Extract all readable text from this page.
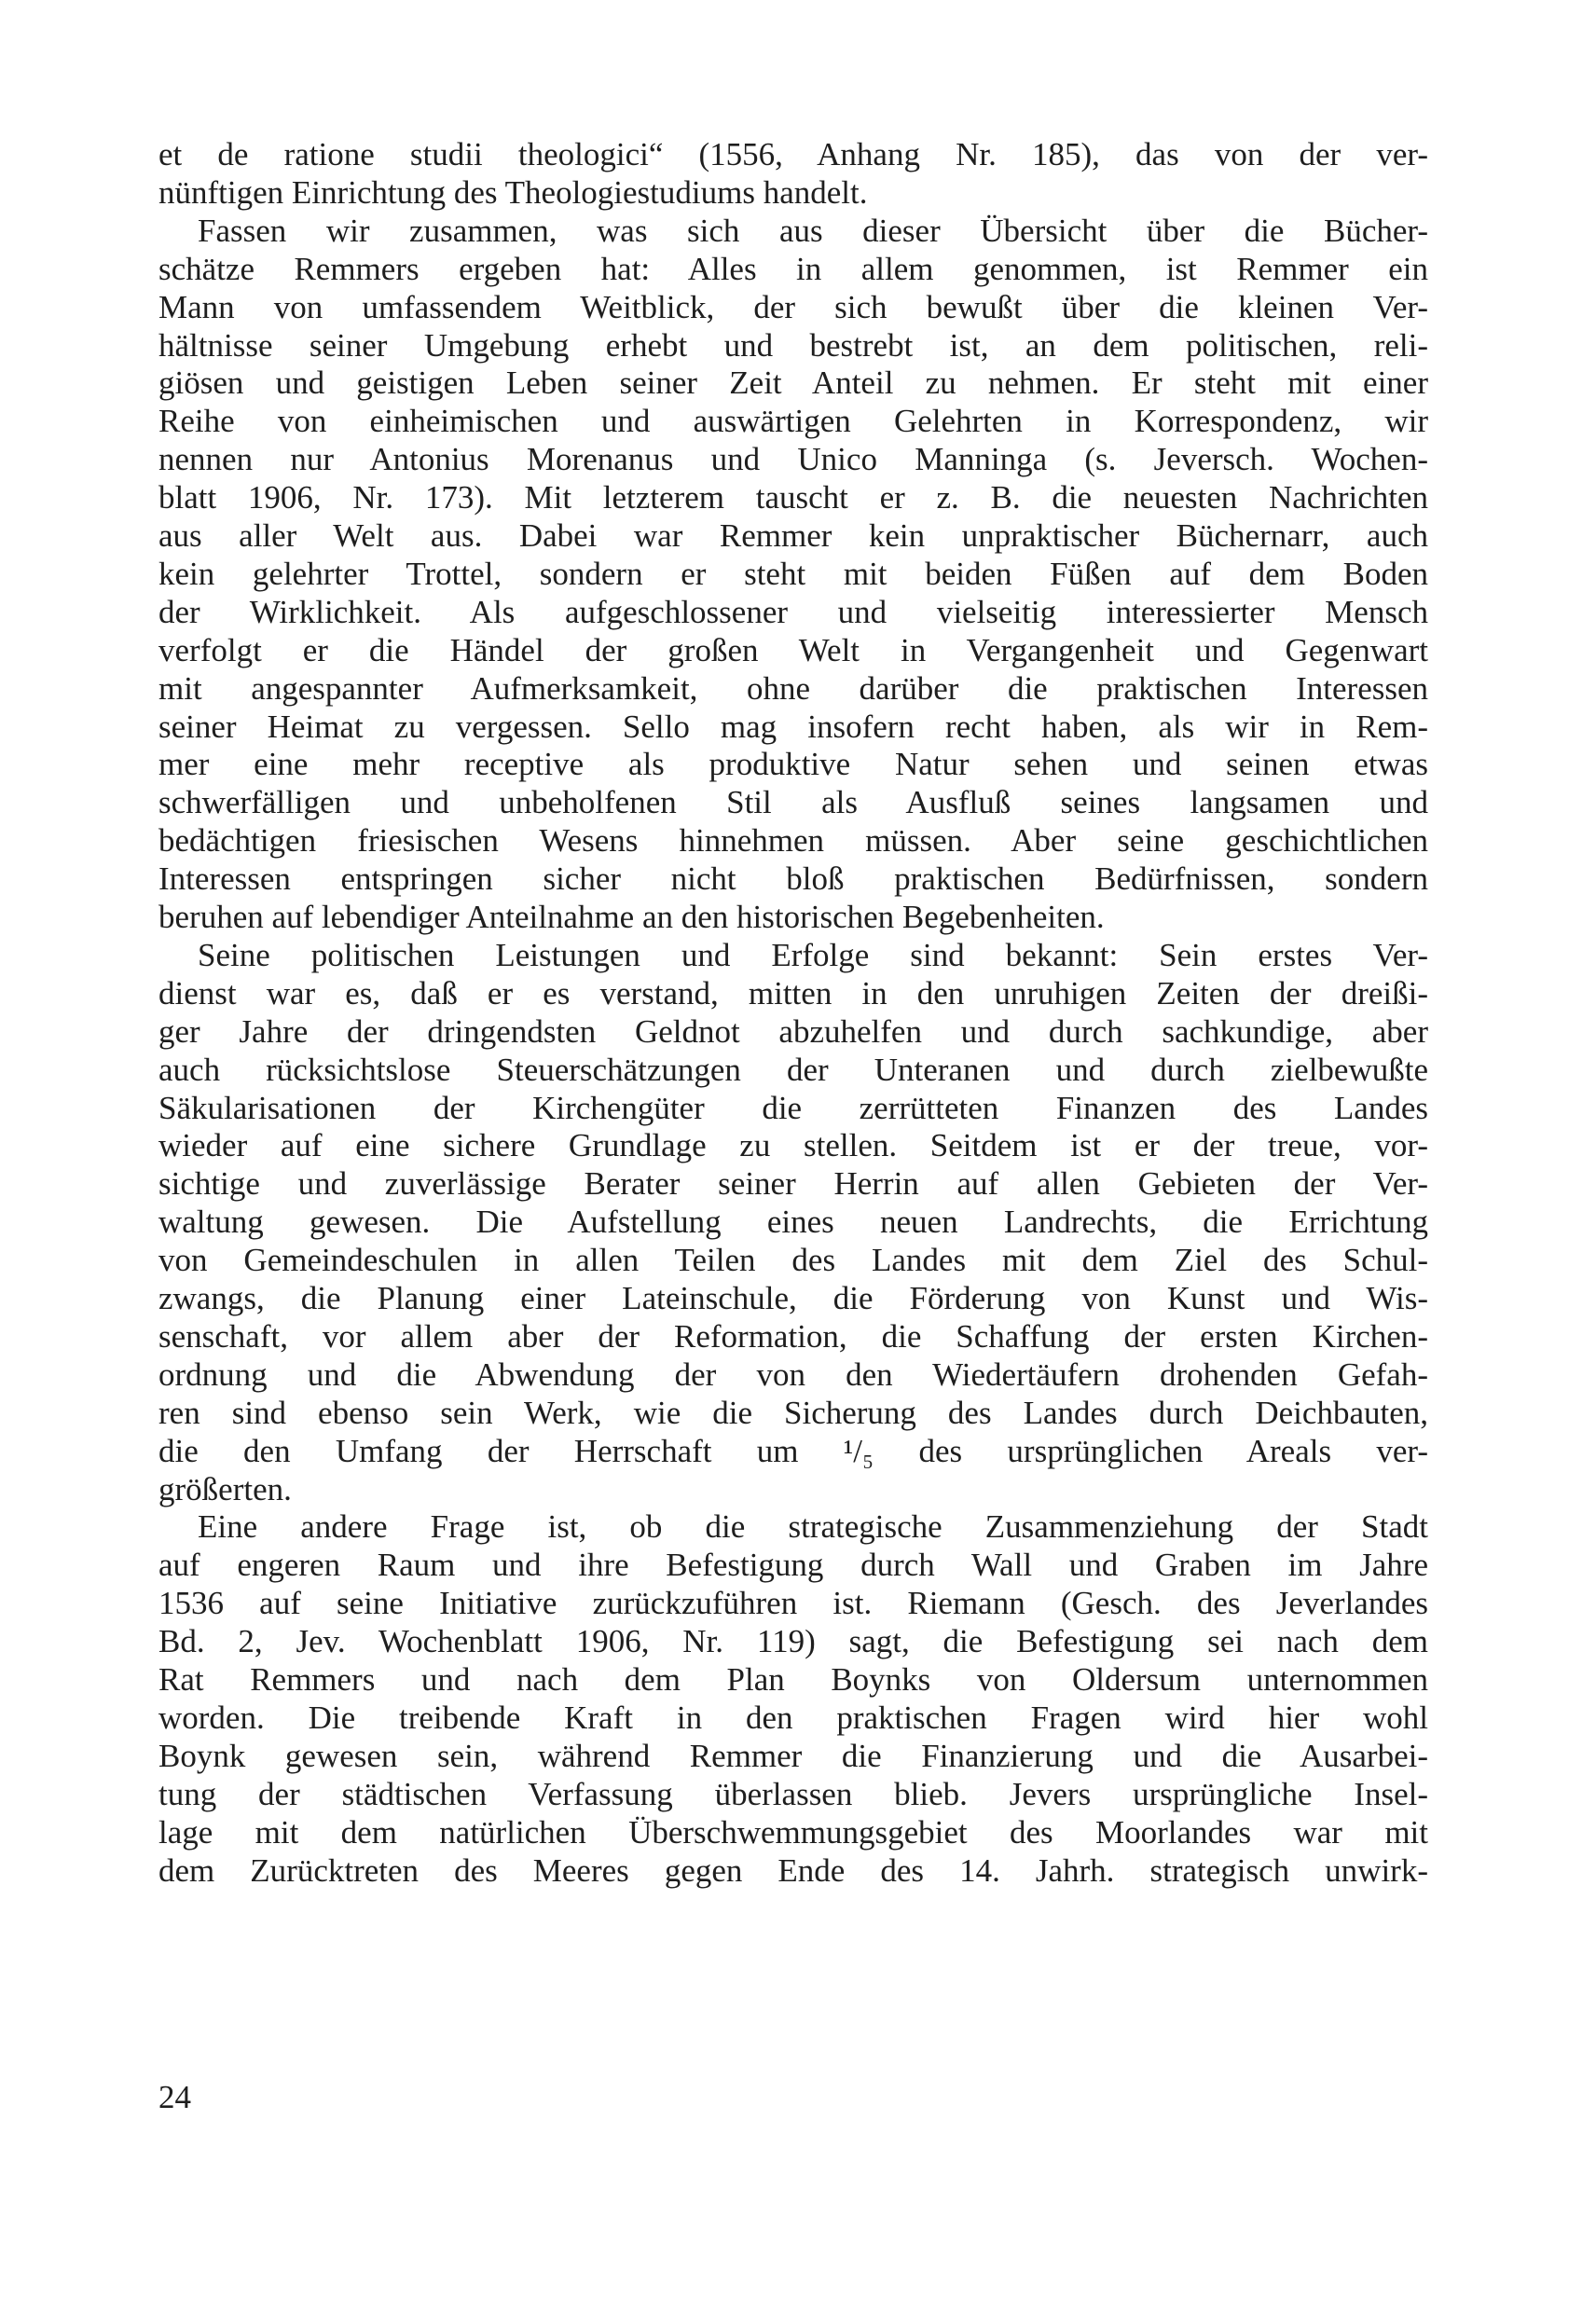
et de ratione studii theologici“ (1556, Anhang Nr. 185), das von der ver-
nünftigen Einrichtung des Theologiestudiums handelt.
Fassen wir zusammen, was sich aus dieser Übersicht über die Bücher-
schätze Remmers ergeben hat: Alles in allem genommen, ist Remmer ein
Mann von umfassendem Weitblick, der sich bewußt über die kleinen Ver-
hältnisse seiner Umgebung erhebt und bestrebt ist, an dem politischen, reli-
giösen und geistigen Leben seiner Zeit Anteil zu nehmen. Er steht mit einer
Reihe von einheimischen und auswärtigen Gelehrten in Korrespondenz, wir
nennen nur Antonius Morenanus und Unico Manninga (s. Jeversch. Wochen-
blatt 1906, Nr. 173). Mit letzterem tauscht er z. B. die neuesten Nachrichten
aus aller Welt aus. Dabei war Remmer kein unpraktischer Büchernarr, auch
kein gelehrter Trottel, sondern er steht mit beiden Füßen auf dem Boden
der Wirklichkeit. Als aufgeschlossener und vielseitig interessierter Mensch
verfolgt er die Händel der großen Welt in Vergangenheit und Gegenwart
mit angespannter Aufmerksamkeit, ohne darüber die praktischen Interessen
seiner Heimat zu vergessen. Sello mag insofern recht haben, als wir in Rem-
mer eine mehr receptive als produktive Natur sehen und seinen etwas
schwerfälligen und unbeholfenen Stil als Ausfluß seines langsamen und
bedächtigen friesischen Wesens hinnehmen müssen. Aber seine geschichtlichen
Interessen entspringen sicher nicht bloß praktischen Bedürfnissen, sondern
beruhen auf lebendiger Anteilnahme an den historischen Begebenheiten.
Seine politischen Leistungen und Erfolge sind bekannt: Sein erstes Ver-
dienst war es, daß er es verstand, mitten in den unruhigen Zeiten der dreißi-
ger Jahre der dringendsten Geldnot abzuhelfen und durch sachkundige, aber
auch rücksichtslose Steuerschätzungen der Unteranen und durch zielbewußte
Säkularisationen der Kirchengüter die zerrütteten Finanzen des Landes
wieder auf eine sichere Grundlage zu stellen. Seitdem ist er der treue, vor-
sichtige und zuverlässige Berater seiner Herrin auf allen Gebieten der Ver-
waltung gewesen. Die Aufstellung eines neuen Landrechts, die Errichtung
von Gemeindeschulen in allen Teilen des Landes mit dem Ziel des Schul-
zwangs, die Planung einer Lateinschule, die Förderung von Kunst und Wis-
senschaft, vor allem aber der Reformation, die Schaffung der ersten Kirchen-
ordnung und die Abwendung der von den Wiedertäufern drohenden Gefah-
ren sind ebenso sein Werk, wie die Sicherung des Landes durch Deichbauten,
die den Umfang der Herrschaft um ¹/₅ des ursprünglichen Areals ver-
größerten.
Eine andere Frage ist, ob die strategische Zusammenziehung der Stadt
auf engeren Raum und ihre Befestigung durch Wall und Graben im Jahre
1536 auf seine Initiative zurückzuführen ist. Riemann (Gesch. des Jeverlandes
Bd. 2, Jev. Wochenblatt 1906, Nr. 119) sagt, die Befestigung sei nach dem
Rat Remmers und nach dem Plan Boynks von Oldersum unternommen
worden. Die treibende Kraft in den praktischen Fragen wird hier wohl
Boynk gewesen sein, während Remmer die Finanzierung und die Ausarbei-
tung der städtischen Verfassung überlassen blieb. Jevers ursprüngliche Insel-
lage mit dem natürlichen Überschwemmungsgebiet des Moorlandes war mit
dem Zurücktreten des Meeres gegen Ende des 14. Jahrh. strategisch unwirk-
24
